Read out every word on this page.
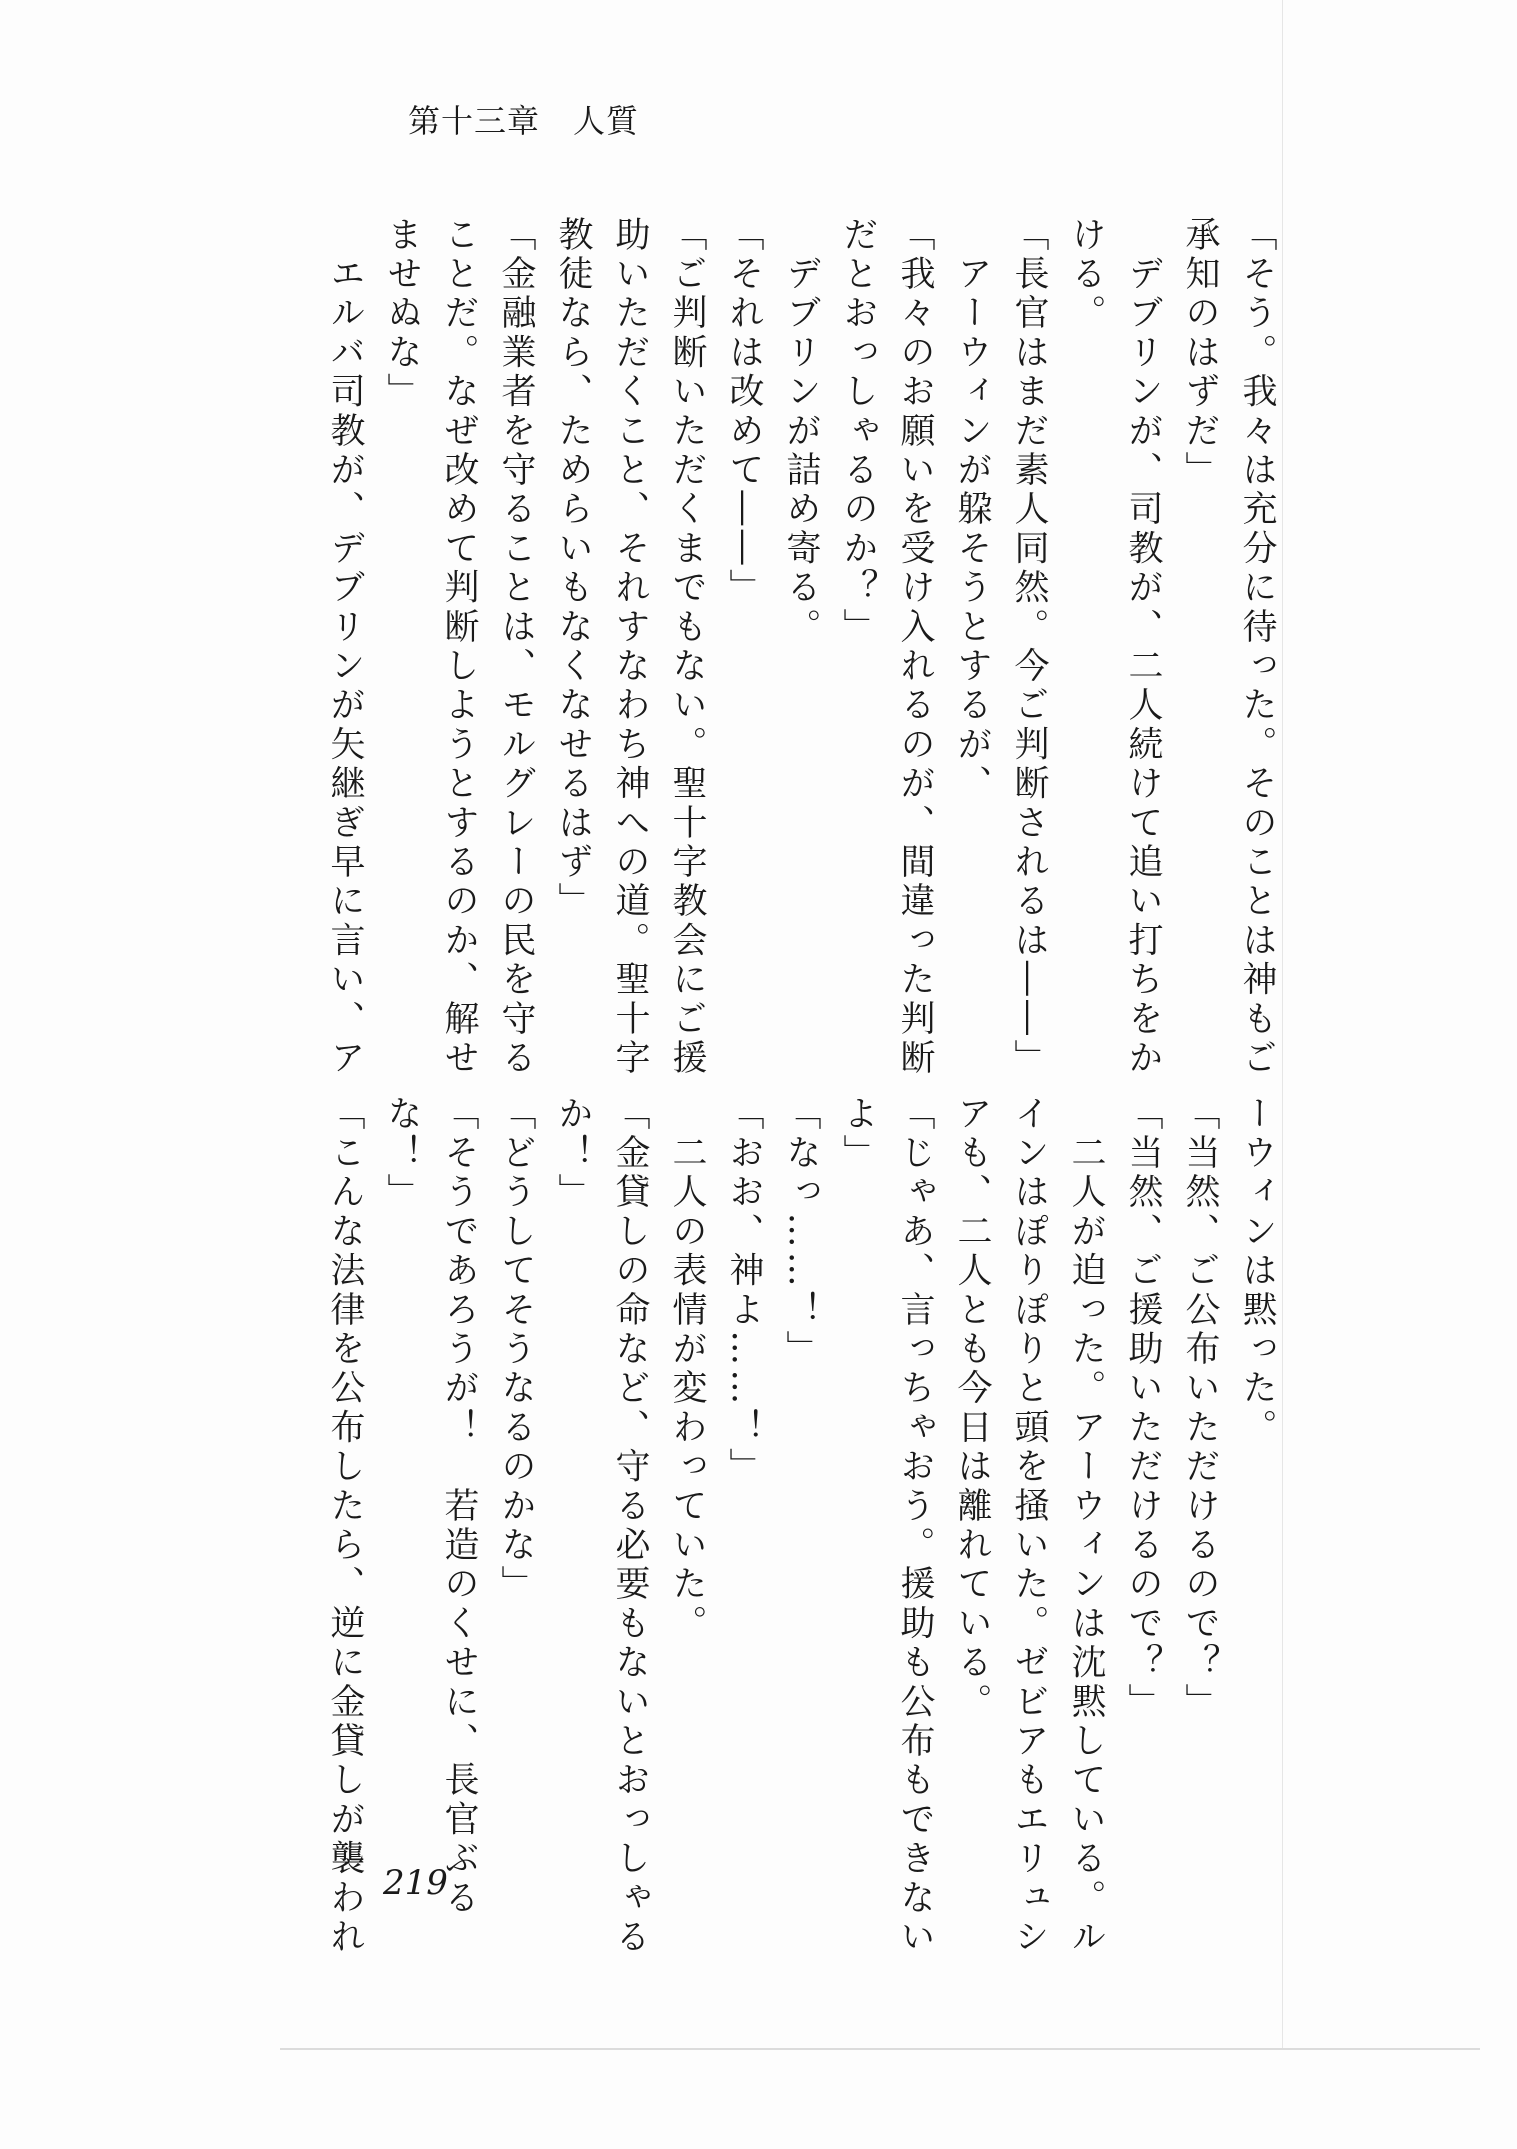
第十三章　人質
「そう。我々は充分に待った。そのことは神もご
承知のはずだ」
　デブリンが、司教が、二人続けて追い打ちをか
ける。
「長官はまだ素人同然。今ご判断されるは――」
　アーウィンが躱そうとするが、
「我々のお願いを受け入れるのが、間違った判断
だとおっしゃるのか？」
　デブリンが詰め寄る。
「それは改めて――」
「ご判断いただくまでもない。聖十字教会にご援
助いただくこと、それすなわち神への道。聖十字
教徒なら、ためらいもなくなせるはず」
「金融業者を守ることは、モルグレーの民を守る
ことだ。なぜ改めて判断しようとするのか、解せ
ませぬな」
　エルバ司教が、デブリンが矢継ぎ早に言い、ア
ーウィンは黙った。
「当然、ご公布いただけるので？」
「当然、ご援助いただけるので？」
　二人が迫った。アーウィンは沈黙している。ル
インはぽりぽりと頭を掻いた。ゼビアもエリュシ
アも、二人とも今日は離れている。
「じゃあ、言っちゃおう。援助も公布もできない
よ」
「なっ……！」
「おお、神よ……！」
　二人の表情が変わっていた。
「金貸しの命など、守る必要もないとおっしゃる
か！」
「どうしてそうなるのかな」
「そうであろうが！　若造のくせに、長官ぶる
な！」
「こんな法律を公布したら、逆に金貸しが襲われ 219
